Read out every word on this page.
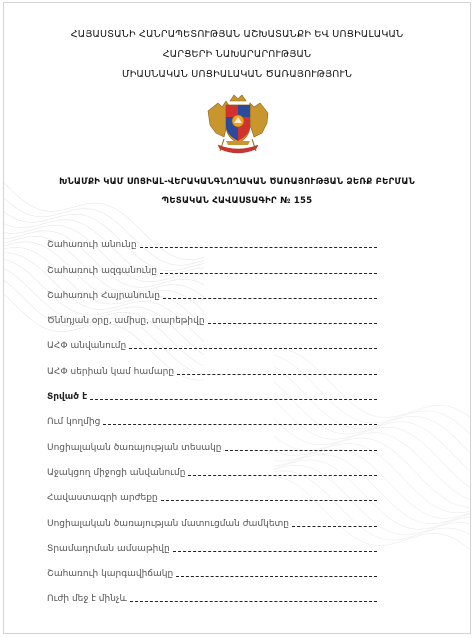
ՀԱՅԱՍՏԱՆԻ ՀԱՆՐԱՊԵՏՈՒԹՅԱՆ ԱՇԽԱՏԱՆՔԻ ԵՎ ՍՈՑԻԱԼԱԿԱՆ
ՀԱՐՑԵՐԻ ՆԱԽԱՐԱՐՈՒԹՅԱՆ
ՄԻԱՍՆԱԿԱՆ ՍՈՑԻԱԼԱԿԱՆ ԾԱՌԱՅՈՒԹՅՈՒՆ
ԽՆԱՄՔԻ ԿԱՄ ՍՈՑԻԱԼ-ՎԵՐԱԿԱՆԳՆՈՂԱԿԱՆ ԾԱՌԱՅՈՒԹՅԱՆ ՁԵՌՔ ԲԵՐՄԱՆ
ՊԵՏԱԿԱՆ ՀԱՎԱՍՏԱԳԻՐ № 155
Շահառուի անունը
Շահառուի ազգանունը
Շահառուի Հայրանունը
Ծննդյան օրը, ամիսը, տարեթիվը
ԱՀՓ անվանումը
ԱՀՓ սերիան կամ համարը
Տրված է
Ում կողմից
Սոցիալական ծառայության տեսակը
Աջակցող միջոցի անվանումը
Հավաստագրի արժեքը
Սոցիալական ծառայության մատուցման ժամկետը
Տրամադրման ամսաթիվը
Շահառուի կարգավիճակը
Ուժի մեջ է մինչև
